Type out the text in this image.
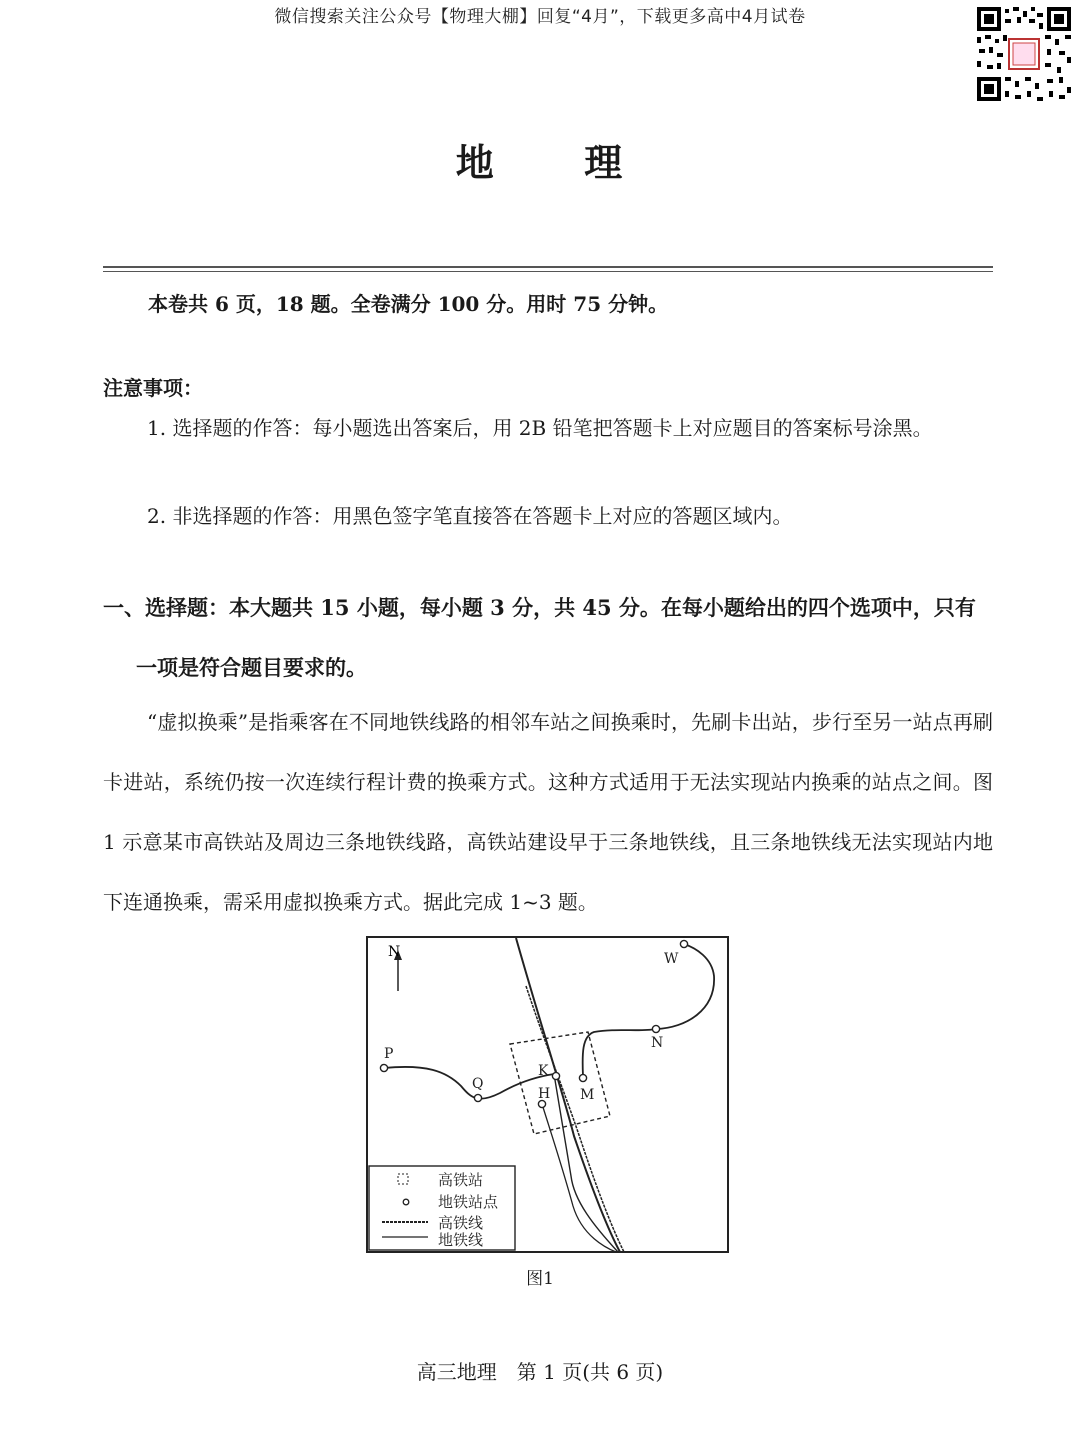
微信搜索关注公众号【物理大棚】回复“4月”，下载更多高中4月试卷
地 理
本卷共 6 页，18 题。全卷满分 100 分。用时 75 分钟。
注意事项：
1. 选择题的作答：每小题选出答案后，用 2B 铅笔把答题卡上对应题目的答案标号涂黑。
2. 非选择题的作答：用黑色签字笔直接答在答题卡上对应的答题区域内。
一、选择题：本大题共 15 小题，每小题 3 分，共 45 分。在每小题给出的四个选项中，只有
一项是符合题目要求的。
“虚拟换乘”是指乘客在不同地铁线路的相邻车站之间换乘时，先刷卡出站，步行至另一站点再刷卡进站，系统仍按一次连续行程计费的换乘方式。这种方式适用于无法实现站内换乘的站点之间。图 1 示意某市高铁站及周边三条地铁线路，高铁站建设早于三条地铁线，且三条地铁线无法实现站内地下连通换乘，需采用虚拟换乘方式。据此完成 1~3 题。
N
P
Q
K
H M
N
W
高铁站
地铁站点
高铁线
地铁线
图1
高三地理　第 1 页(共 6 页)
